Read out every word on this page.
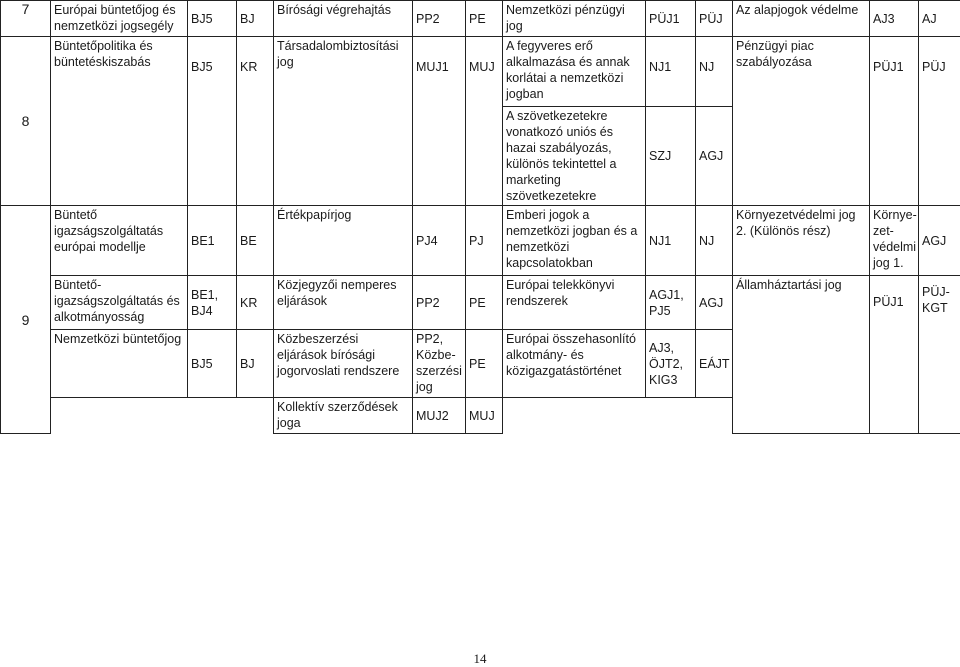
7	Európai büntetőjog és nemzetközi jogsegély	BJ5	BJ	Bírósági végrehajtás	PP2	PE	Nemzetközi pénzügyi jog	PÜJ1	PÜJ	Az alapjogok védelme	AJ3	AJ
8	Büntetőpolitika és büntetéskiszabás	BJ5	KR	Társadalombiztosítási jog	MUJ1	MUJ	A fegyveres erő alkalmazása és annak korlátai a nemzetközi jogban	NJ1	NJ	Pénzügyi piac szabályozása	PÜJ1	PÜJ
							A szövetkezetekre vonatkozó uniós és hazai szabályozás, különös tekintettel a marketing szövetkezetekre	SZJ	AGJ			
9	Büntető igazságszolgáltatás európai modellje	BE1	BE	Értékpapírjog	PJ4	PJ	Emberi jogok a nemzetközi jogban és a nemzetközi kapcsolatokban	NJ1	NJ	Környezetvédelmi jog 2. (Különös rész)	Környe-zet-védelmi jog 1.	AGJ
	Büntető-igazságszolgáltatás és alkotmányosság	BE1, BJ4	KR	Közjegyzői nemperes eljárások	PP2	PE	Európai telekkönyvi rendszerek	AGJ1, PJ5	AGJ	Államháztartási jog	PÜJ1	PÜJ-KGT
	Nemzetközi büntetőjog	BJ5	BJ	Közbeszerzési eljárások bírósági jogorvoslati rendszere	PP2, Közbe-szerzési jog	PE	Európai összehasonlító alkotmány- és közigazgatástörténet	AJ3, ÖJT2, KIG3	EÁJT			
				Kollektív szerződések joga	MUJ2	MUJ						
14
